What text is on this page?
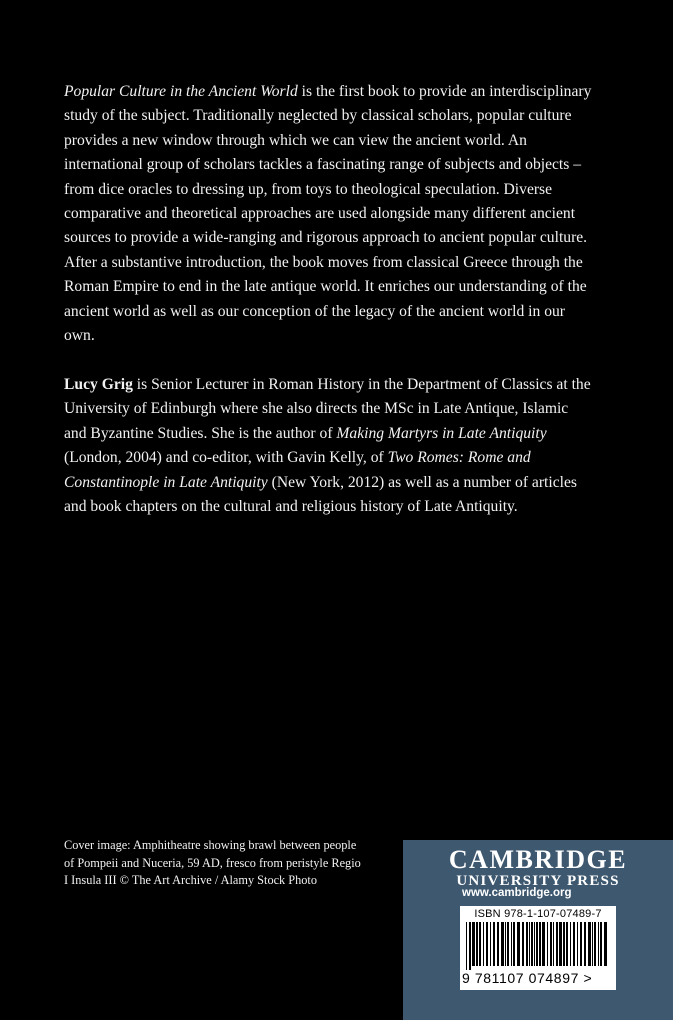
Popular Culture in the Ancient World is the first book to provide an interdisciplinary study of the subject. Traditionally neglected by classical scholars, popular culture provides a new window through which we can view the ancient world. An international group of scholars tackles a fascinating range of subjects and objects – from dice oracles to dressing up, from toys to theological speculation. Diverse comparative and theoretical approaches are used alongside many different ancient sources to provide a wide-ranging and rigorous approach to ancient popular culture. After a substantive introduction, the book moves from classical Greece through the Roman Empire to end in the late antique world. It enriches our understanding of the ancient world as well as our conception of the legacy of the ancient world in our own.

Lucy Grig is Senior Lecturer in Roman History in the Department of Classics at the University of Edinburgh where she also directs the MSc in Late Antique, Islamic and Byzantine Studies. She is the author of Making Martyrs in Late Antiquity (London, 2004) and co-editor, with Gavin Kelly, of Two Romes: Rome and Constantinople in Late Antiquity (New York, 2012) as well as a number of articles and book chapters on the cultural and religious history of Late Antiquity.

Cover image: Amphitheatre showing brawl between people of Pompeii and Nuceria, 59 AD, fresco from peristyle Regio I Insula III © The Art Archive / Alamy Stock Photo

CAMBRIDGE
UNIVERSITY PRESS
www.cambridge.org
ISBN 978-1-107-07489-7
9 781107 074897 >
